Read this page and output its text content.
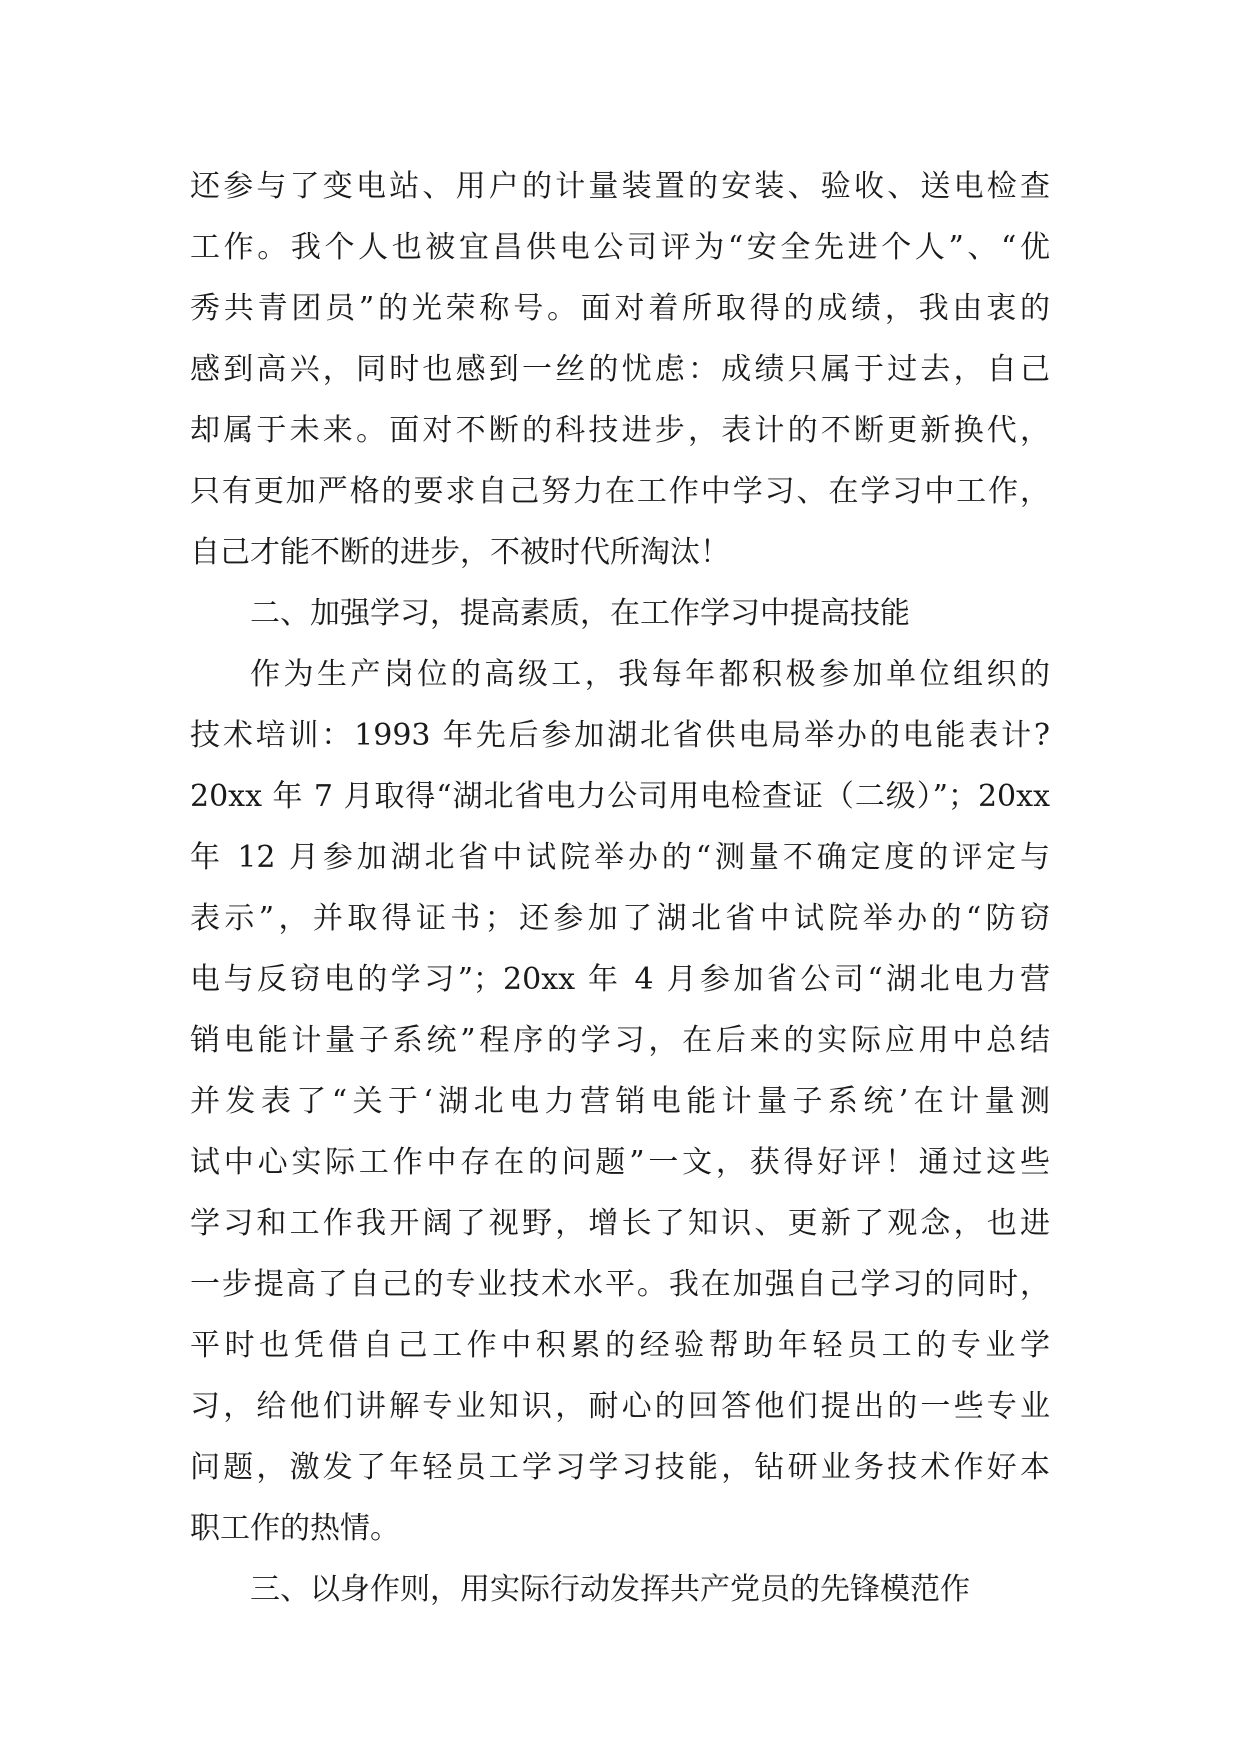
还参与了变电站、用户的计量装置的安装、验收、送电检查
工作。我个人也被宜昌供电公司评为“安全先进个人”、“优
秀共青团员”的光荣称号。面对着所取得的成绩，我由衷的
感到高兴，同时也感到一丝的忧虑：成绩只属于过去，自己
却属于未来。面对不断的科技进步，表计的不断更新换代，
只有更加严格的要求自己努力在工作中学习、在学习中工作，
自己才能不断的进步，不被时代所淘汰！
二、加强学习，提高素质，在工作学习中提高技能
作为生产岗位的高级工，我每年都积极参加单位组织的
技术培训：1993 年先后参加湖北省供电局举办的电能表计?
20xx 年 7 月取得“湖北省电力公司用电检查证（二级）”；20xx
年 12 月参加湖北省中试院举办的“测量不确定度的评定与
表示”，并取得证书；还参加了湖北省中试院举办的“防窃
电与反窃电的学习”；20xx 年 4 月参加省公司“湖北电力营
销电能计量子系统”程序的学习，在后来的实际应用中总结
并发表了“关于‘湖北电力营销电能计量子系统’在计量测
试中心实际工作中存在的问题”一文，获得好评！通过这些
学习和工作我开阔了视野，增长了知识、更新了观念，也进
一步提高了自己的专业技术水平。我在加强自己学习的同时，
平时也凭借自己工作中积累的经验帮助年轻员工的专业学
习，给他们讲解专业知识，耐心的回答他们提出的一些专业
问题，激发了年轻员工学习学习技能，钻研业务技术作好本
职工作的热情。
三、以身作则，用实际行动发挥共产党员的先锋模范作
